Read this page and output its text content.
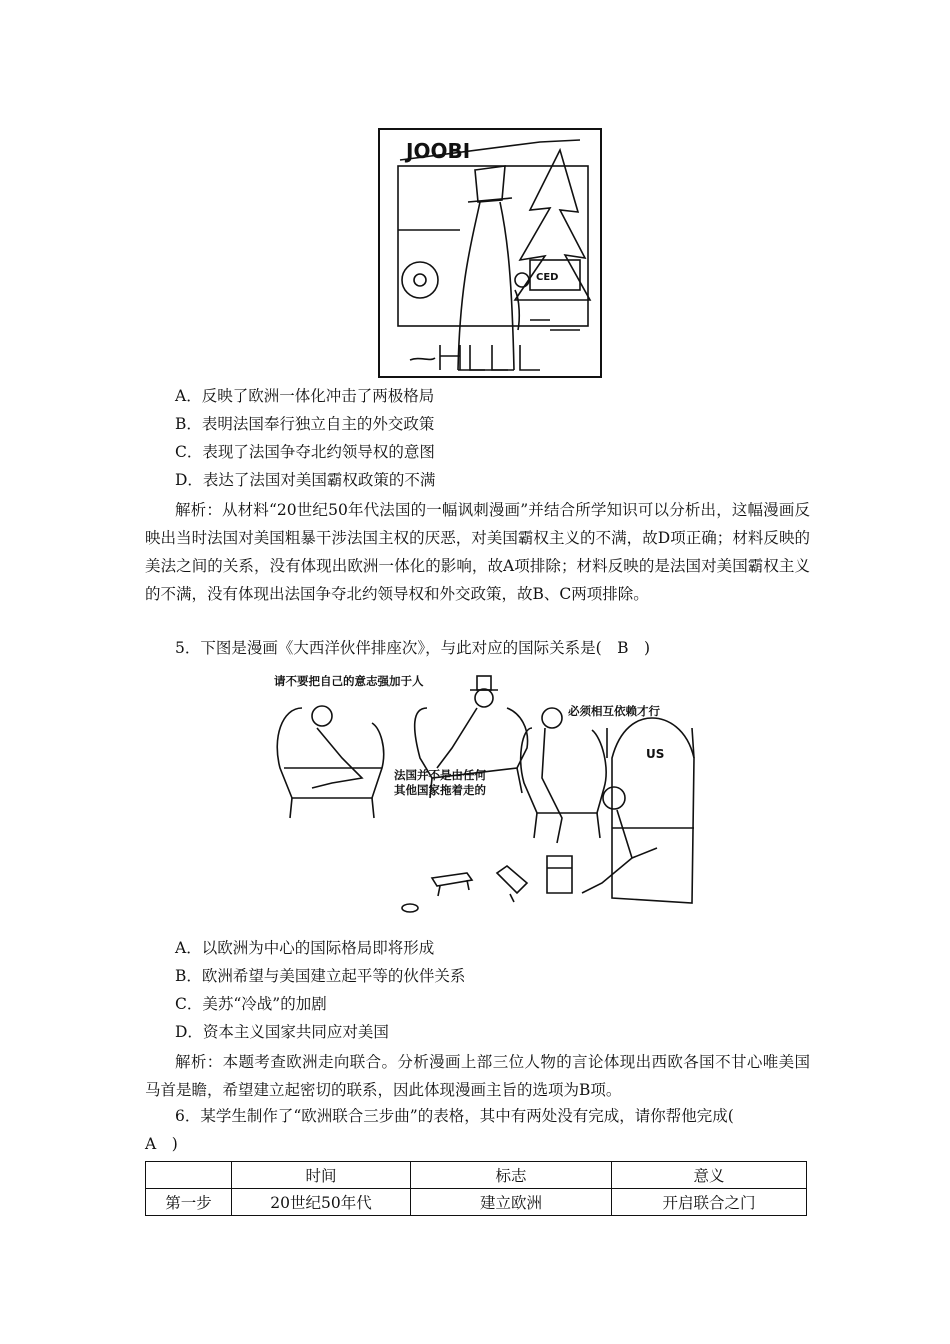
JOOBI
CED
A．反映了欧洲一体化冲击了两极格局
B．表明法国奉行独立自主的外交政策
C．表现了法国争夺北约领导权的意图
D．表达了法国对美国霸权政策的不满
解析：从材料“20世纪50年代法国的一幅讽刺漫画”并结合所学知识可以分析出，这幅漫画反映出当时法国对美国粗暴干涉法国主权的厌恶，对美国霸权主义的不满，故D项正确；材料反映的美法之间的关系，没有体现出欧洲一体化的影响，故A项排除；材料反映的是法国对美国霸权主义的不满，没有体现出法国争夺北约领导权和外交政策，故B、C两项排除。
5．下图是漫画《大西洋伙伴排座次》，与此对应的国际关系是(　B　)
US
请不要把自己的意志强加于人
必须相互依赖才行
法国并不是由任何
其他国家拖着走的
A．以欧洲为中心的国际格局即将形成
B．欧洲希望与美国建立起平等的伙伴关系
C．美苏“冷战”的加剧
D．资本主义国家共同应对美国
解析：本题考查欧洲走向联合。分析漫画上部三位人物的言论体现出西欧各国不甘心唯美国马首是瞻，希望建立起密切的联系，因此体现漫画主旨的选项为B项。
6．某学生制作了“欧洲联合三步曲”的表格，其中有两处没有完成，请你帮他完成(
A　)
	时间	标志	意义
第一步	20世纪50年代	建立欧洲	开启联合之门
